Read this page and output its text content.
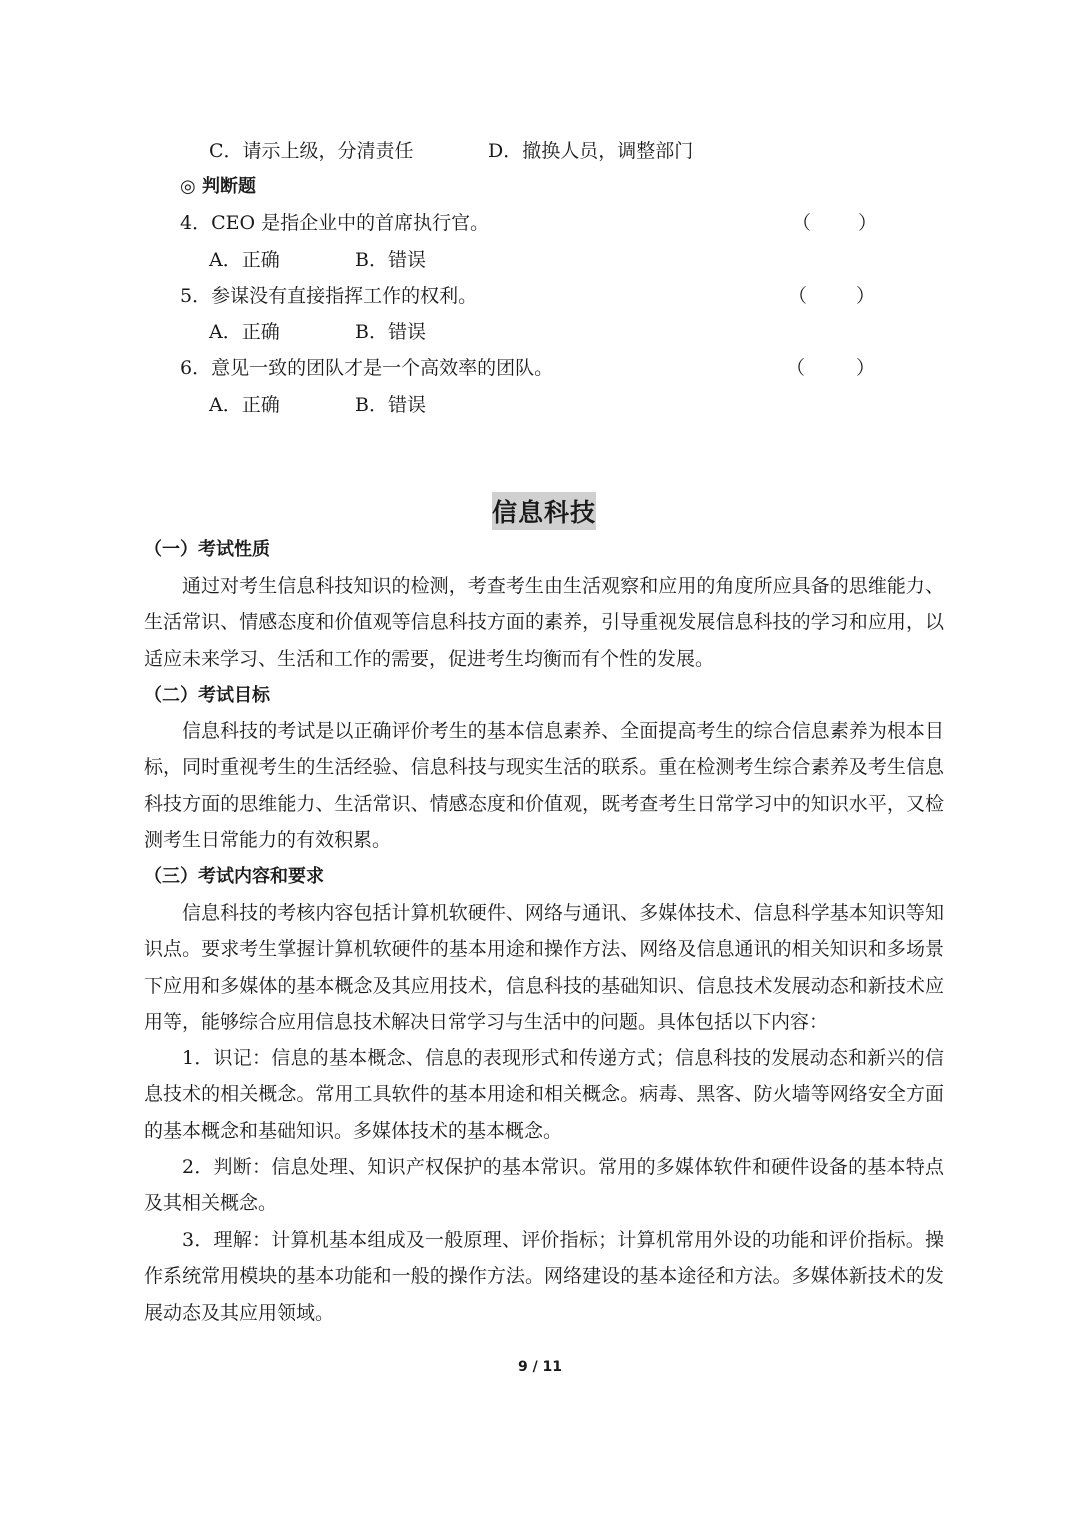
C．请示上级，分清责任	D．撤换人员，调整部门
◎ 判断题
4．CEO 是指企业中的首席执行官。	（ ）
A．正确	B．错误
5．参谋没有直接指挥工作的权利。	（	）
A．正确	B．错误
6．意见一致的团队才是一个高效率的团队。	（	）
A．正确	B．错误
信息科技
（一）考试性质
通过对考生信息科技知识的检测，考查考生由生活观察和应用的角度所应具备的思维能力、生活常识、情感态度和价值观等信息科技方面的素养，引导重视发展信息科技的学习和应用，以适应未来学习、生活和工作的需要，促进考生均衡而有个性的发展。
（二）考试目标
信息科技的考试是以正确评价考生的基本信息素养、全面提高考生的综合信息素养为根本目标，同时重视考生的生活经验、信息科技与现实生活的联系。重在检测考生综合素养及考生信息科技方面的思维能力、生活常识、情感态度和价值观，既考查考生日常学习中的知识水平，又检测考生日常能力的有效积累。
（三）考试内容和要求
信息科技的考核内容包括计算机软硬件、网络与通讯、多媒体技术、信息科学基本知识等知识点。要求考生掌握计算机软硬件的基本用途和操作方法、网络及信息通讯的相关知识和多场景下应用和多媒体的基本概念及其应用技术，信息科技的基础知识、信息技术发展动态和新技术应用等，能够综合应用信息技术解决日常学习与生活中的问题。具体包括以下内容：
1．识记：信息的基本概念、信息的表现形式和传递方式；信息科技的发展动态和新兴的信息技术的相关概念。常用工具软件的基本用途和相关概念。病毒、黑客、防火墙等网络安全方面的基本概念和基础知识。多媒体技术的基本概念。
2．判断：信息处理、知识产权保护的基本常识。常用的多媒体软件和硬件设备的基本特点及其相关概念。
3．理解：计算机基本组成及一般原理、评价指标；计算机常用外设的功能和评价指标。操作系统常用模块的基本功能和一般的操作方法。网络建设的基本途径和方法。多媒体新技术的发展动态及其应用领域。
9 / 11
